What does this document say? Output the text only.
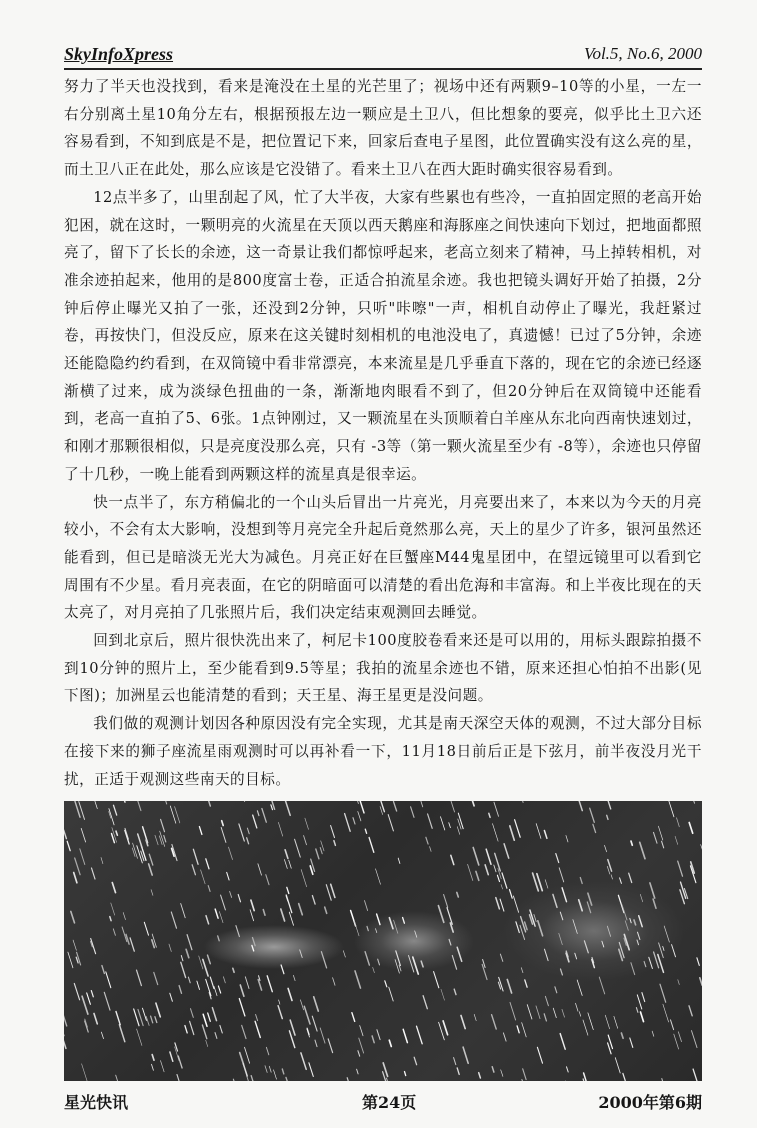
SkyInfoXpress	Vol.5, No.6, 2000

努力了半天也没找到，看来是淹没在土星的光芒里了；视场中还有两颗9–10等的小星，一左一右分别离土星10角分左右，根据预报左边一颗应是土卫八，但比想象的要亮，似乎比土卫六还容易看到，不知到底是不是，把位置记下来，回家后查电子星图，此位置确实没有这么亮的星，而土卫八正在此处，那么应该是它没错了。看来土卫八在西大距时确实很容易看到。

12点半多了，山里刮起了风，忙了大半夜，大家有些累也有些冷，一直拍固定照的老高开始犯困，就在这时，一颗明亮的火流星在天顶以西天鹅座和海豚座之间快速向下划过，把地面都照亮了，留下了长长的余迹，这一奇景让我们都惊呼起来，老高立刻来了精神，马上掉转相机，对准余迹拍起来，他用的是800度富士卷，正适合拍流星余迹。我也把镜头调好开始了拍摄，2分钟后停止曝光又拍了一张，还没到2分钟，只听"咔嚓"一声，相机自动停止了曝光，我赶紧过卷，再按快门，但没反应，原来在这关键时刻相机的电池没电了，真遗憾！已过了5分钟，余迹还能隐隐约约看到，在双筒镜中看非常漂亮，本来流星是几乎垂直下落的，现在它的余迹已经逐渐横了过来，成为淡绿色扭曲的一条，渐渐地肉眼看不到了，但20分钟后在双筒镜中还能看到，老高一直拍了5、6张。1点钟刚过，又一颗流星在头顶顺着白羊座从东北向西南快速划过，和刚才那颗很相似，只是亮度没那么亮，只有 -3等（第一颗火流星至少有 -8等），余迹也只停留了十几秒，一晚上能看到两颗这样的流星真是很幸运。

快一点半了，东方稍偏北的一个山头后冒出一片亮光，月亮要出来了，本来以为今天的月亮较小，不会有太大影响，没想到等月亮完全升起后竟然那么亮，天上的星少了许多，银河虽然还能看到，但已是暗淡无光大为减色。月亮正好在巨蟹座M44鬼星团中，在望远镜里可以看到它周围有不少星。看月亮表面，在它的阴暗面可以清楚的看出危海和丰富海。和上半夜比现在的天太亮了，对月亮拍了几张照片后，我们决定结束观测回去睡觉。

回到北京后，照片很快洗出来了，柯尼卡100度胶卷看来还是可以用的，用标头跟踪拍摄不到10分钟的照片上，至少能看到9.5等星；我拍的流星余迹也不错，原来还担心怕拍不出影(见下图)；加洲星云也能清楚的看到；天王星、海王星更是没问题。

我们做的观测计划因各种原因没有完全实现，尤其是南天深空天体的观测，不过大部分目标在接下来的狮子座流星雨观测时可以再补看一下，11月18日前后正是下弦月，前半夜没月光干扰，正适于观测这些南天的目标。

星光快讯	第24页	2000年第6期
